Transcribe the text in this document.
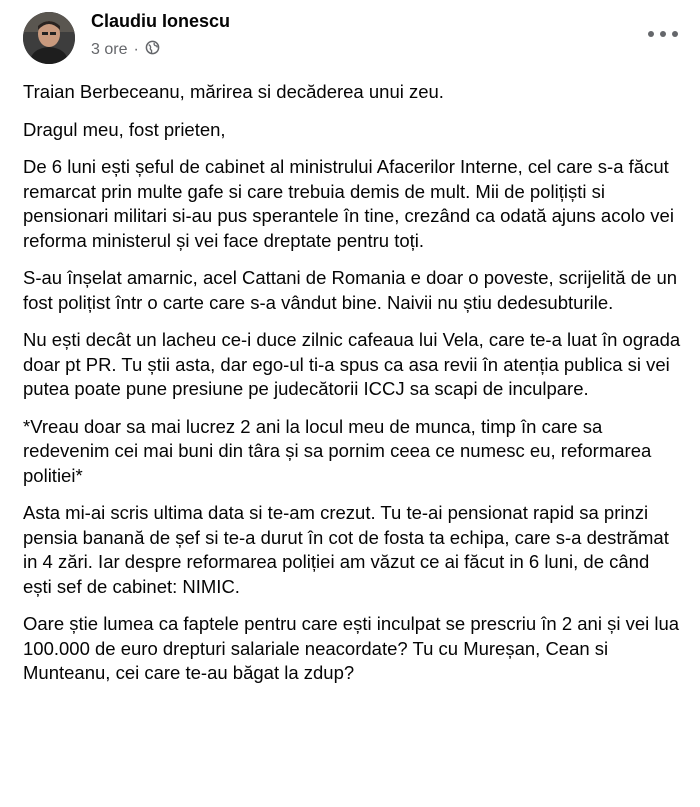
Claudiu Ionescu
3 ore ·

Traian Berbeceanu, mărirea si decăderea unui zeu.

Dragul meu, fost prieten,

De 6 luni ești șeful de cabinet al ministrului Afacerilor Interne, cel care s-a făcut remarcat prin multe gafe si care trebuia demis de mult. Mii de polițiști si pensionari militari si-au pus sperantele în tine, crezând ca odată ajuns acolo vei reforma ministerul și vei face dreptate pentru toți.

S-au înșelat amarnic, acel Cattani de Romania e doar o poveste, scrijelită de un fost polițist într o carte care s-a vândut bine. Naivii nu știu dedesubturile.

Nu ești decât un lacheu ce-i duce zilnic cafeaua lui Vela, care te-a luat în ograda doar pt PR. Tu știi asta, dar ego-ul ti-a spus ca asa revii în atenția publica si vei putea poate pune presiune pe judecătorii ICCJ sa scapi de inculpare.

*Vreau doar sa mai lucrez 2 ani la locul meu de munca, timp în care sa redevenim cei mai buni din târa și sa pornim ceea ce numesc eu, reformarea politiei*

Asta mi-ai scris ultima data si te-am crezut. Tu te-ai pensionat rapid sa prinzi pensia banană de șef si te-a durut în cot de fosta ta echipa, care s-a destrămat in 4 zări. Iar despre reformarea poliției am văzut ce ai făcut in 6 luni, de când ești sef de cabinet: NIMIC.

Oare știe lumea ca faptele pentru care ești inculpat se prescriu în 2 ani și vei lua 100.000 de euro drepturi salariale neacordate? Tu cu Mureșan, Cean si Munteanu, cei care te-au băgat la zdup?
